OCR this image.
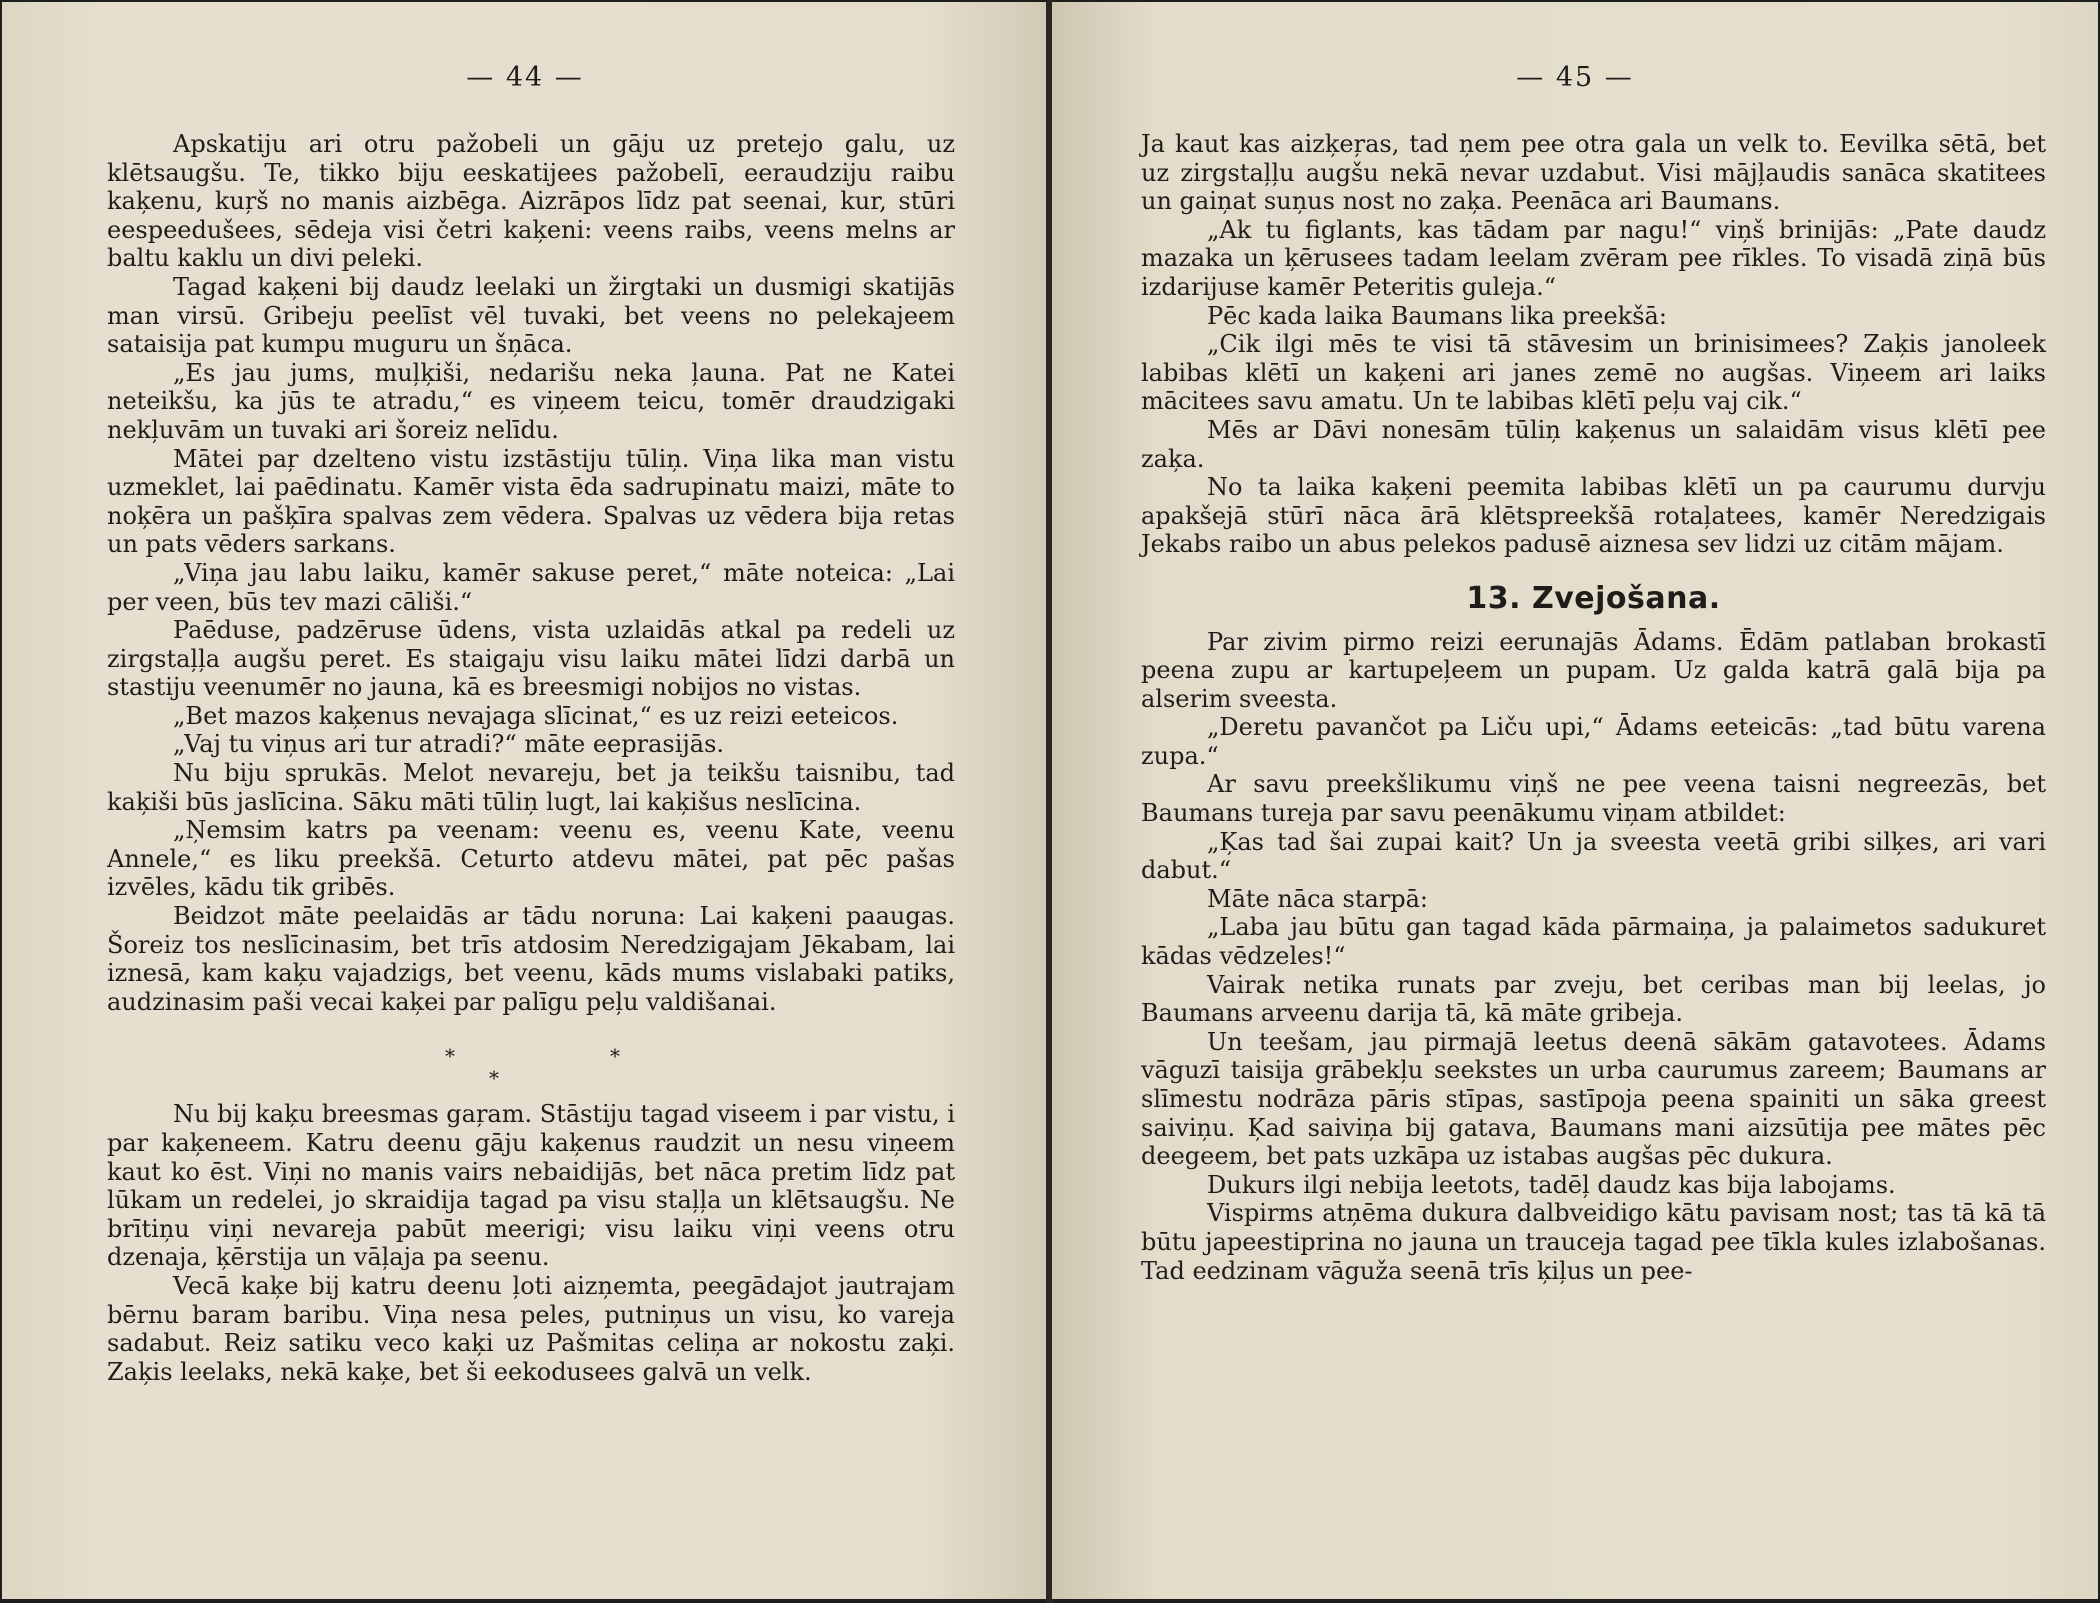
— 44 —

Apskatiju ari otru pažobeli un gāju uz pretejo galu, uz klētsaugšu. Te, tikko biju eeskatijees pažobelī, eeraudziju raibu kaķenu, kuŗš no manis aizbēga. Aizrāpos līdz pat seenai, kur, stūri eespeedušees, sēdeja visi četri kaķeni: veens raibs, veens melns ar baltu kaklu un divi peleki.

Tagad kaķeni bij daudz leelaki un žirgtaki un dusmigi skatijās man virsū. Gribeju peelīst vēl tuvaki, bet veens no pelekajeem sataisija pat kumpu muguru un šņāca.

„Es jau jums, muļķiši, nedarišu neka ļauna. Pat ne Katei neteikšu, ka jūs te atradu,“ es viņeem teicu, tomēr draudzigaki nekļuvām un tuvaki ari šoreiz nelīdu.

Mātei paŗ dzelteno vistu izstāstiju tūliņ. Viņa lika man vistu uzmeklet, lai paēdinatu. Kamēr vista ēda sadrupinatu maizi, māte to noķēra un pašķīra spalvas zem vēdera. Spalvas uz vēdera bija retas un pats vēders sarkans.

„Viņa jau labu laiku, kamēr sakuse peret,“ māte noteica: „Lai per veen, būs tev mazi cāliši.“

Paēduse, padzēruse ūdens, vista uzlaidās atkal pa redeli uz zirgstaļļa augšu peret. Es staigaju visu laiku mātei līdzi darbā un stastiju veenumēr no jauna, kā es breesmigi nobijos no vistas.

„Bet mazos kaķenus nevajaga slīcinat,“ es uz reizi eeteicos.

„Vaj tu viņus ari tur atradi?“ māte eeprasijās.

Nu biju sprukās. Melot nevareju, bet ja teikšu taisnibu, tad kaķiši būs jaslīcina. Sāku māti tūliņ lugt, lai kaķišus neslīcina.

„Ņemsim katrs pa veenam: veenu es, veenu Kate, veenu Annele,“ es liku preekšā. Ceturto atdevu mātei, pat pēc pašas izvēles, kādu tik gribēs.

Beidzot māte peelaidās ar tādu noruna: Lai kaķeni paaugas. Šoreiz tos neslīcinasim, bet trīs atdosim Neredzigajam Jēkabam, lai iznesā, kam kaķu vajadzigs, bet veenu, kāds mums vislabaki patiks, audzinasim paši vecai kaķei par palīgu peļu valdišanai.

*
*
*

Nu bij kaķu breesmas gaŗam. Stāstiju tagad viseem i par vistu, i par kaķeneem. Katru deenu gāju kaķenus raudzit un nesu viņeem kaut ko ēst. Viņi no manis vairs nebaidijās, bet nāca pretim līdz pat lūkam un redelei, jo skraidija tagad pa visu staļļa un klētsaugšu. Ne brītiņu viņi nevareja pabūt meerigi; visu laiku viņi veens otru dzenaja, ķērstija un vāļaja pa seenu.

Vecā kaķe bij katru deenu ļoti aizņemta, peegādajot jautrajam bērnu baram baribu. Viņa nesa peles, putniņus un visu, ko vareja sadabut. Reiz satiku veco kaķi uz Pašmitas celiņa ar nokostu zaķi. Zaķis leelaks, nekā kaķe, bet ši eekodusees galvā un velk.

— 45 —

Ja kaut kas aizķeŗas, tad ņem pee otra gala un velk to. Eevilka sētā, bet uz zirgstaļļu augšu nekā nevar uzdabut. Visi mājļaudis sanāca skatitees un gaiņat suņus nost no zaķa. Peenāca ari Baumans.

„Ak tu figlants, kas tādam par nagu!“ viņš brinijās: „Pate daudz mazaka un ķērusees tadam leelam zvēram pee rīkles. To visadā ziņā būs izdarijuse kamēr Peteritis guleja.“

Pēc kada laika Baumans lika preekšā:

„Cik ilgi mēs te visi tā stāvesim un brinisimees? Zaķis janoleek labibas klētī un kaķeni ari janes zemē no augšas. Viņeem ari laiks mācitees savu amatu. Un te labibas klētī peļu vaj cik.“

Mēs ar Dāvi nonesām tūliņ kaķenus un salaidām visus klētī pee zaķa.

No ta laika kaķeni peemita labibas klētī un pa caurumu durvju apakšejā stūrī nāca ārā klētspreekšā rotaļatees, kamēr Neredzigais Jekabs raibo un abus pelekos padusē aiznesa sev lidzi uz citām mājam.

13. Zvejošana.

Par zivim pirmo reizi eerunajās Ādams. Ēdām patlaban brokastī peena zupu ar kartupeļeem un pupam. Uz galda katrā galā bija pa alserim sveesta.

„Deretu pavančot pa Liču upi,“ Ādams eeteicās: „tad būtu varena zupa.“

Ar savu preekšlikumu viņš ne pee veena taisni negreezās, bet Baumans tureja par savu peenākumu viņam atbildet:

„Ķas tad šai zupai kait? Un ja sveesta veetā gribi silķes, ari vari dabut.“

Māte nāca starpā:

„Laba jau būtu gan tagad kāda pārmaiņa, ja palaimetos sadukuret kādas vēdzeles!“

Vairak netika runats par zveju, bet ceribas man bij leelas, jo Baumans arveenu darija tā, kā māte gribeja.

Un teešam, jau pirmajā leetus deenā sākām gatavotees. Ādams vāguzī taisija grābekļu seekstes un urba caurumus zareem; Baumans ar slīmestu nodrāza pāris stīpas, sastīpoja peena spainiti un sāka greest saiviņu. Ķad saiviņa bij gatava, Baumans mani aizsūtija pee mātes pēc deegeem, bet pats uzkāpa uz istabas augšas pēc dukura.

Dukurs ilgi nebija leetots, tadēļ daudz kas bija labojams.

Vispirms atņēma dukura dalbveidigo kātu pavisam nost; tas tā kā tā būtu japeestiprina no jauna un trauceja tagad pee tīkla kules izlabošanas. Tad eedzinam vāguža seenā trīs ķiļus un pee-
